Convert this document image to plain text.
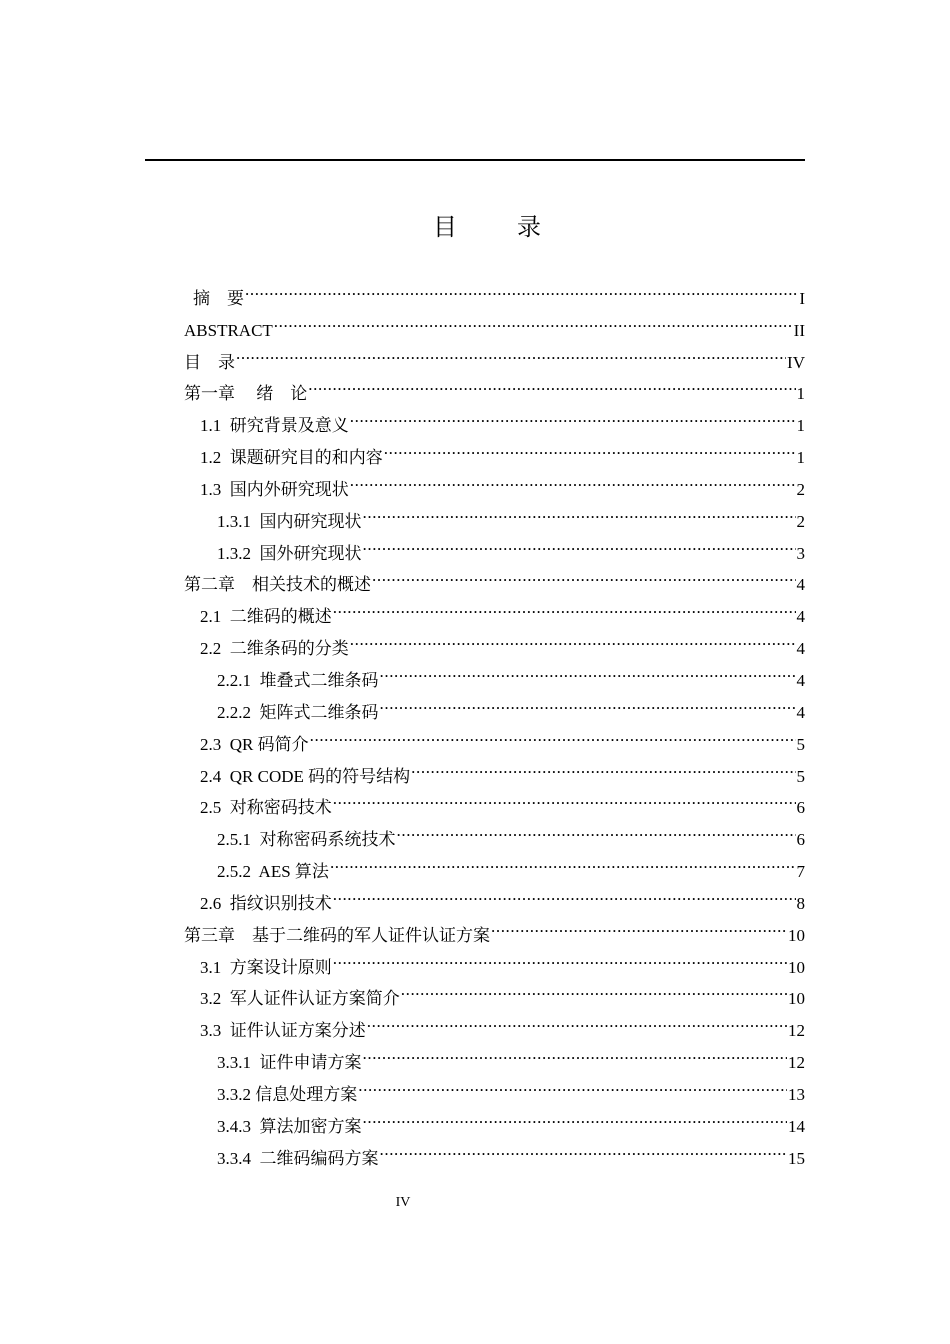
目　录
摘　要 .....	I
ABSTRACT .....	II
目　录 .....	IV
第一章　 绪　论 .....	1
1.1  研究背景及意义 .....	1
1.2  课题研究目的和内容 .....	1
1.3  国内外研究现状 .....	2
1.3.1  国内研究现状 .....	2
1.3.2  国外研究现状 .....	3
第二章　相关技术的概述 .....	4
2.1  二维码的概述 .....	4
2.2  二维条码的分类 .....	4
2.2.1  堆叠式二维条码 .....	4
2.2.2  矩阵式二维条码 .....	4
2.3  QR 码简介 .....	5
2.4  QR CODE 码的符号结构 .....	5
2.5  对称密码技术 .....	6
2.5.1  对称密码系统技术 .....	6
2.5.2  AES 算法 .....	7
2.6  指纹识别技术 .....	8
第三章　基于二维码的军人证件认证方案 .....	10
3.1  方案设计原则 .....	10
3.2  军人证件认证方案简介 .....	10
3.3  证件认证方案分述 .....	12
3.3.1  证件申请方案 .....	12
3.3.2 信息处理方案 .....	13
3.4.3  算法加密方案 .....	14
3.3.4  二维码编码方案 .....	15
IV
